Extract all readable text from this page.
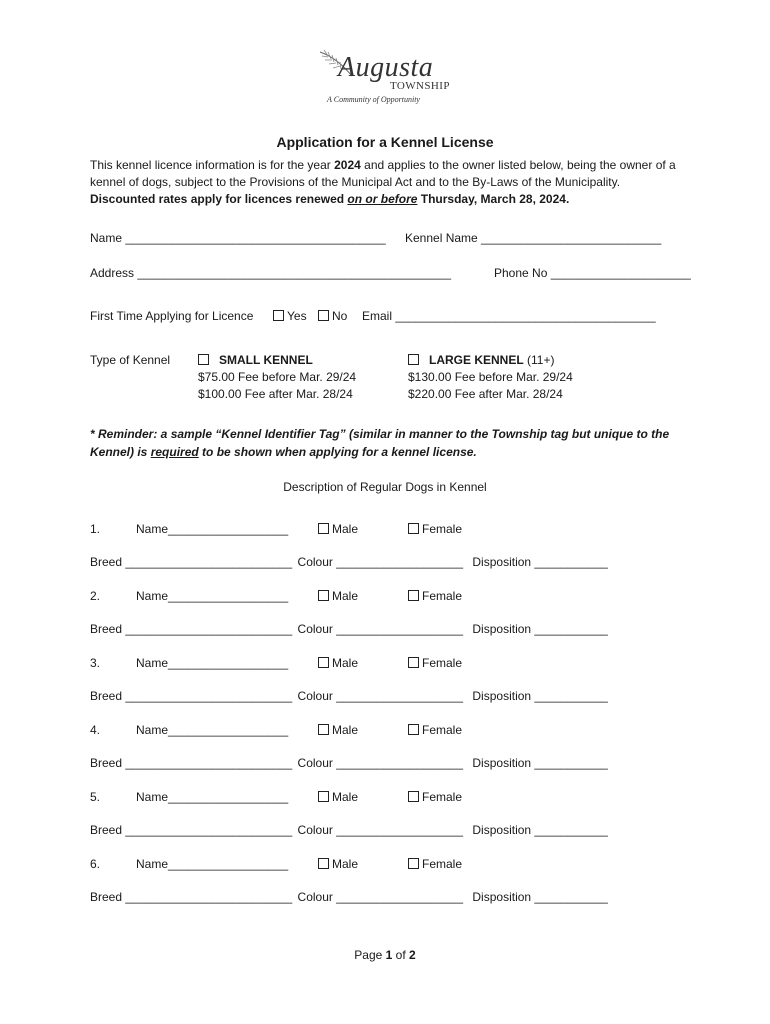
Augusta
TOWNSHIP
A Community of Opportunity
Application for a Kennel License
This kennel licence information is for the year 2024 and applies to the owner listed below, being the owner of a kennel of dogs, subject to the Provisions of the Municipal Act and to the By-Laws of the Municipality.
Discounted rates apply for licences renewed on or before Thursday, March 28, 2024.
Name _______________________________________ Kennel Name ___________________________
Address _______________________________________________	Phone No _____________________
First Time Applying for Licence	Yes	No Email _______________________________________
Type of Kennel	SMALL KENNEL
$75.00 Fee before Mar. 29/24
$100.00 Fee after Mar. 28/24
LARGE KENNEL (11+)
$130.00 Fee before Mar. 29/24
$220.00 Fee after Mar. 28/24
* Reminder: a sample “Kennel Identifier Tag” (similar in manner to the Township tag but unique to the Kennel) is required to be shown when applying for a kennel license.
Description of Regular Dogs in Kennel
1.	Name__________________	Male	Female
Breed _________________________ Colour ___________________ Disposition ___________
2.	Name__________________	Male	Female
Breed _________________________ Colour ___________________ Disposition ___________
3.	Name__________________	Male	Female
Breed _________________________ Colour ___________________ Disposition ___________
4.	Name__________________	Male	Female
Breed _________________________ Colour ___________________ Disposition ___________
5.	Name__________________	Male	Female
Breed _________________________ Colour ___________________ Disposition ___________
6.	Name__________________	Male	Female
Breed _________________________ Colour ___________________ Disposition ___________
Page 1 of 2
